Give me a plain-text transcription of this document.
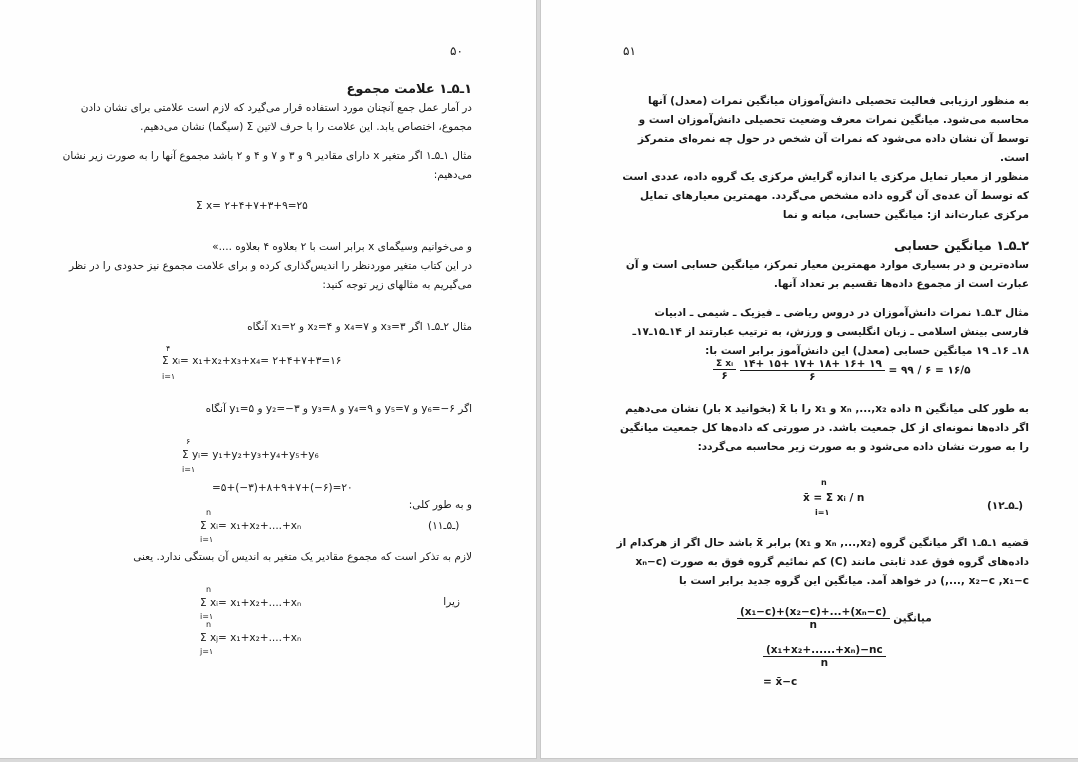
۵۰
۱ـ۵ـ۱ علامت مجموع

در آمار عمل جمع آنچنان مورد استفاده قرار می‌گیرد که لازم است علامتی برای نشان دادن مجموع، اختصاص یابد. این علامت را با حرف لاتین Σ (سیگما) نشان می‌دهیم.

مثال ۱ـ۵ـ۱ اگر متغیر x دارای مقادیر ۹ و ۳ و ۷ و ۴ و ۲ باشد مجموع آنها را به صورت زیر نشان می‌دهیم:

Σ x= ۲+۴+۷+۳+۹=۲۵

و می‌خوانیم وسیگمای x برابر است با ۲ بعلاوه ۴ بعلاوه ....»

در این کتاب متغیر موردنظر را اندیس‌گذاری کرده و برای علامت مجموع نیز حدودی را در نظر می‌گیریم به مثالهای زیر توجه کنید:

مثال ۲ـ۵ـ۱ اگر ۳=x₃ و ۷=x₄ و ۴=x₂ و ۲=x₁ آنگاه

۴
Σ xᵢ= x₁+x₂+x₃+x₄= ۲+۴+۷+۳=۱۶
i=۱

اگر ۶−=y₆ و ۷=y₅ و ۹=y₄ و ۸=y₃ و ۳−=y₂ و ۵=y₁ آنگاه

۶
Σ yᵢ= y₁+y₂+y₃+y₄+y₅+y₆
i=۱
=۵+(−۳)+۸+۹+۷+(−۶)=۲۰

و به طور کلی:

n
Σ xᵢ= x₁+x₂+....+xₙ
i=۱
(۱ـ۵ـ۱)

لازم به تذکر است که مجموع مقادیر یک متغیر به اندیس آن بستگی ندارد. یعنی

n
Σ xᵢ= x₁+x₂+....+xₙ
i=۱

زیرا

n
Σ xⱼ= x₁+x₂+....+xₙ
j=۱
۵۱

به منظور ارزیابی فعالیت تحصیلی دانش‌آموزان میانگین نمرات (معدل) آنها محاسبه می‌شود. میانگین نمرات معرف وضعیت تحصیلی دانش‌آموزان است و توسط آن نشان داده می‌شود که نمرات آن شخص در حول چه نمره‌ای متمرکز است.

منظور از معیار تمایل مرکزی یا اندازه گرایش مرکزی یک گروه داده، عددی است که توسط آن عده‌ی آن گروه داده مشخص می‌گردد. مهمترین معیارهای تمایل مرکزی عبارت‌اند از: میانگین حسابی، میانه و نما

۲ـ۵ـ۱ میانگین حسابی

ساده‌ترین و در بسیاری موارد مهمترین معیار تمرکز، میانگین حسابی است و آن عبارت است از مجموع داده‌ها تقسیم بر تعداد آنها.

مثال ۳ـ۵ـ۱ نمرات دانش‌آموزان در دروس ریاضی ـ فیزیک ـ شیمی ـ ادبیات فارسی بینش اسلامی ـ زبان انگلیسی و ورزش، به ترتیب عبارتند از ۱۴ـ۱۵ـ۱۷ـ ۱۸ـ ۱۶ـ ۱۹ میانگین حسابی (معدل) این دانش‌آموز برابر است با:

$\frac{\text{Σ xᵢ}}{۶}$
$\frac{۱۴+ ۱۵+ ۱۷+ ۱۸+ ۱۶+ ۱۹}{۶}$ = ۹۹ / ۶ = ۱۶/۵

به طور کلی میانگین n داده xₙ ,...,x₂ و x₁ را با x̄ (بخوانید x بار) نشان می‌دهیم اگر داده‌ها نمونه‌ای از کل جمعیت باشد. در صورتی که داده‌ها کل جمعیت میانگین را به صورت نشان داده می‌شود و به صورت زیر محاسبه می‌گردد:

n
x̄ = Σ xᵢ / n
i=۱
(۱ـ۵ـ۲)

قضیه ۱ـ۵ـ۱ اگر میانگین گروه (xₙ ,...,x₂ و x₁) برابر x̄ باشد حال اگر از هرکدام از داده‌های گروه فوق عدد ثابتی مانند (C) کم نمائیم گروه فوق به صورت (xₙ−c ,..., x₂−c ,x₁−c) در خواهد آمد. میانگین این گروه جدید برابر است با

$\frac{\text{(x₁−c)+(x₂−c)+...+(xₙ−c)}}{n}$ میانگین
$\frac{\text{(x₁+x₂+......+xₙ)−nc}}{n}$
= x̄−c
